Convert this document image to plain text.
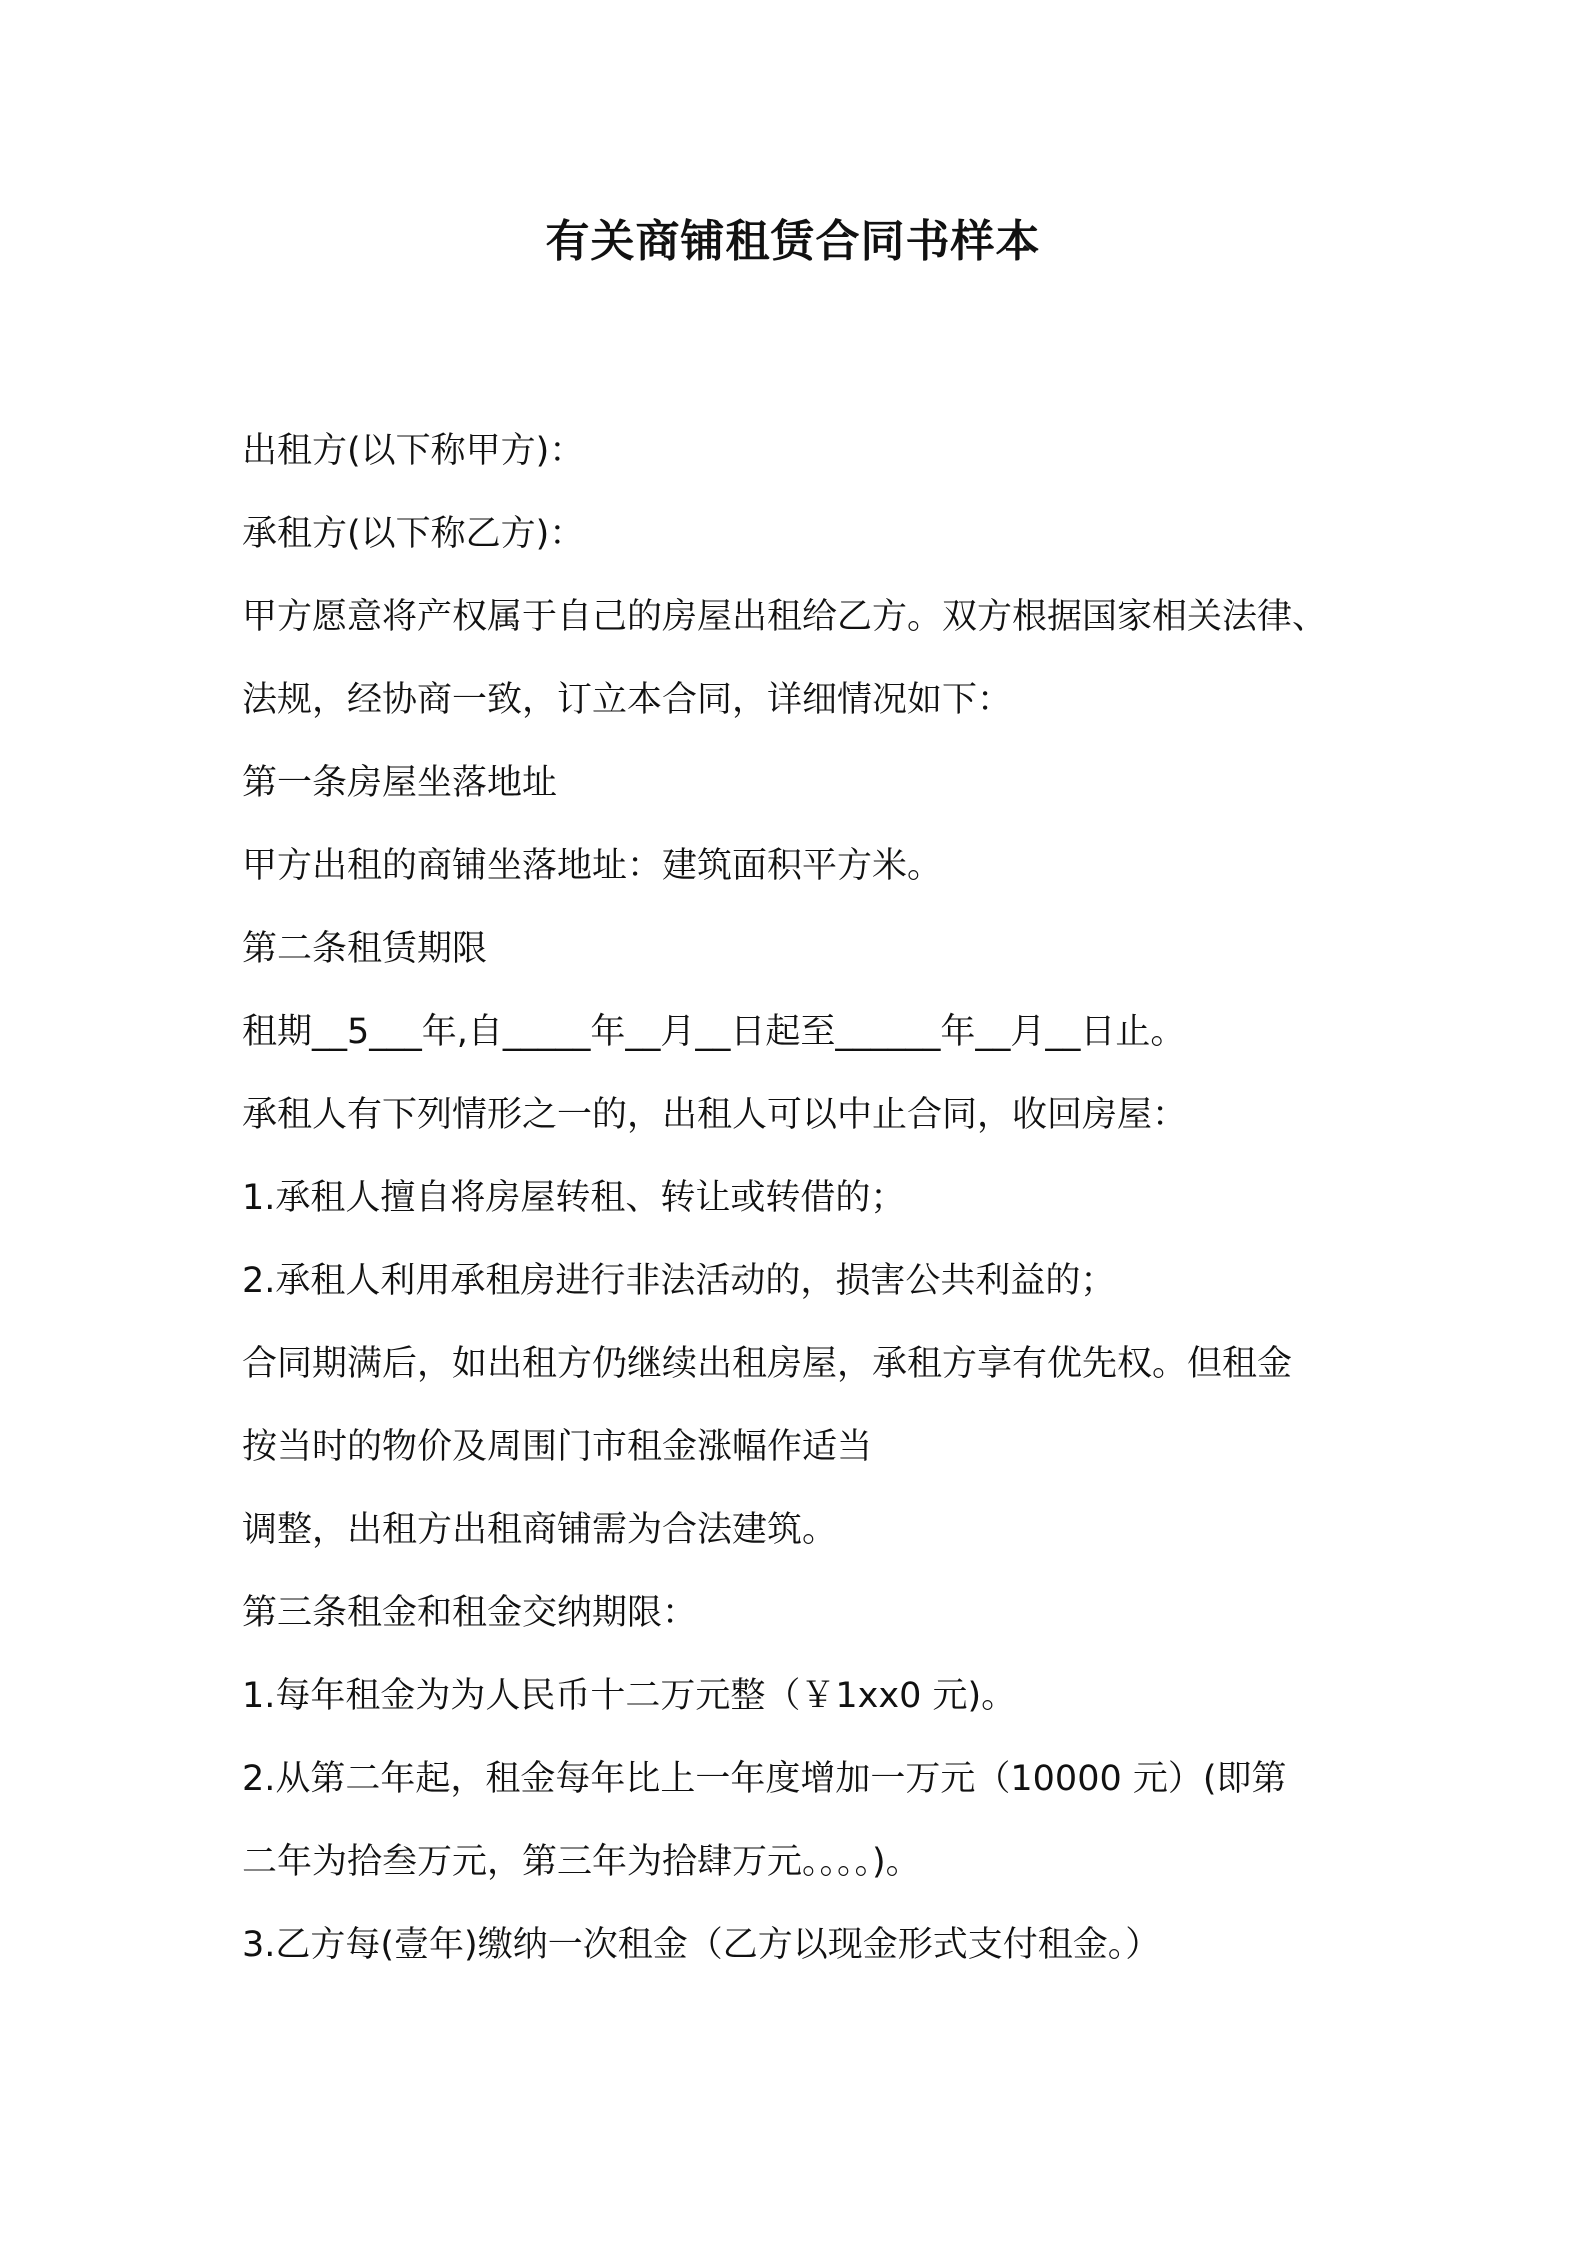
有关商铺租赁合同书样本

出租方(以下称甲方)：

承租方(以下称乙方)：

甲方愿意将产权属于自己的房屋出租给乙方。双方根据国家相关法律、

法规，经协商一致，订立本合同，详细情况如下：

第一条房屋坐落地址

甲方出租的商铺坐落地址：建筑面积平方米。

第二条租赁期限

租期__5___年,自_____年__月__日起至______年__月__日止。

承租人有下列情形之一的，出租人可以中止合同，收回房屋：

1.承租人擅自将房屋转租、转让或转借的；

2.承租人利用承租房进行非法活动的，损害公共利益的；

合同期满后，如出租方仍继续出租房屋，承租方享有优先权。但租金

按当时的物价及周围门市租金涨幅作适当

调整，出租方出租商铺需为合法建筑。

第三条租金和租金交纳期限：

1.每年租金为为人民币十二万元整（￥1xx0 元)。

2.从第二年起，租金每年比上一年度增加一万元（10000 元）(即第

二年为拾叁万元，第三年为拾肆万元。。。。)。

3.乙方每(壹年)缴纳一次租金（乙方以现金形式支付租金。）
